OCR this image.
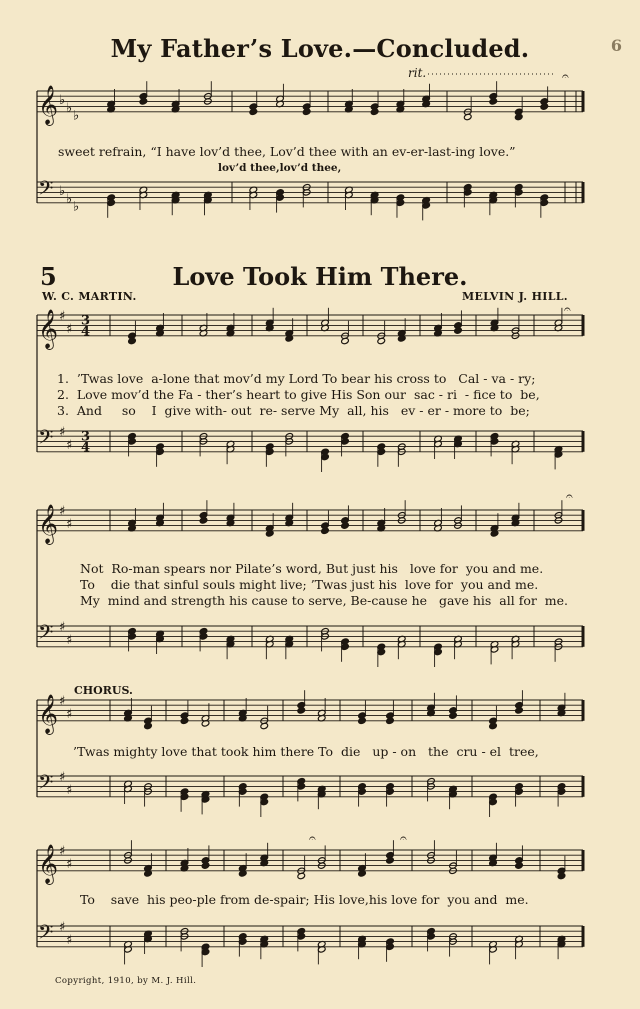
My Father’s Love.—Concluded.	6
rit.
sweet refrain, “I have lov’d thee, Lov’d thee with an ev-er-last-ing love.”
lov’d thee,lov’d thee,
5	Love Took Him There.
W. C. MARTIN.	MELVIN J. HILL.
1.  ’Twas love  a-lone that mov’d my Lord To bear his cross to   Cal - va - ry;
2.  Love mov’d the Fa - ther’s heart to give His Son our  sac - ri  - fice to  be,
3.  And     so    I  give with- out  re- serve My  all, his   ev - er - more to  be;
Not  Ro-man spears nor Pilate’s word, But just his   love for  you and me.
To    die that sinful souls might live; ’Twas just his  love for  you and me.
My  mind and strength his cause to serve, Be-cause he   gave his  all for  me.
CHORUS.
’Twas mighty love that took him there To  die   up - on   the  cru - el  tree,
To    save  his peo-ple from de-spair; His love,his love for  you and  me.
Copyright, 1910, by M. J. Hill.
𝄞 ♭
♭
♭
𝄢 ♭
♭
♭
𝄞 ♯
♯
3
4
𝄢 ♯
♯
3
4
𝄞 ♯
♯
𝄢 ♯
♯
𝄞 ♯
♯
𝄢 ♯
♯
𝄞 ♯
♯
𝄢 ♯
♯
𝄐
𝄐
𝄐
𝄐
𝄐
